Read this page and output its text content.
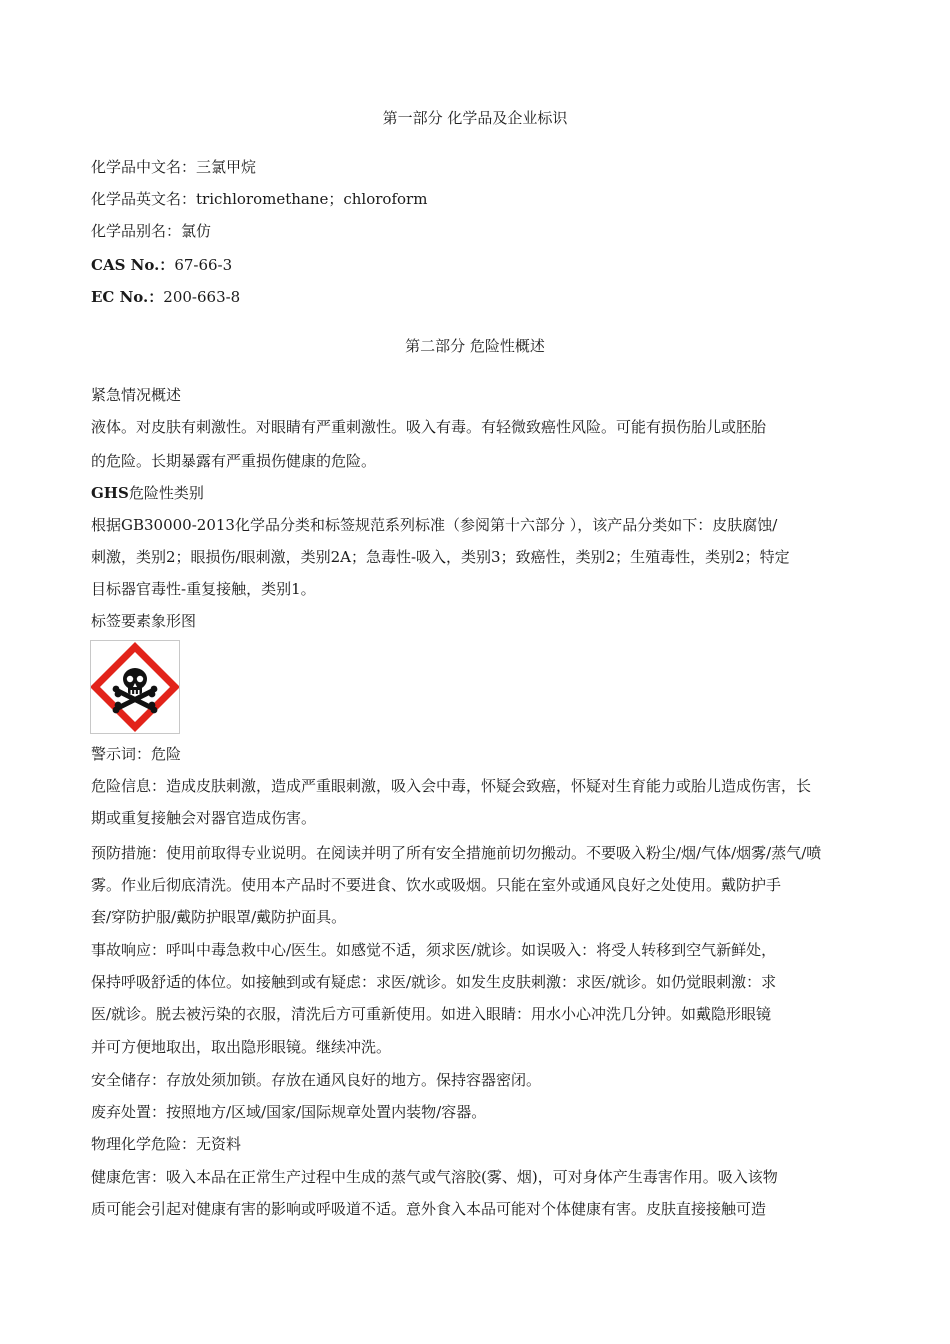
第一部分 化学品及企业标识
化学品中文名：三氯甲烷
化学品英文名：trichloromethane；chloroform
化学品别名：氯仿
CAS No.：67-66-3
EC No.：200-663-8
第二部分 危险性概述
紧急情况概述
液体。对皮肤有刺激性。对眼睛有严重刺激性。吸入有毒。有轻微致癌性风险。可能有损伤胎儿或胚胎
的危险。长期暴露有严重损伤健康的危险。
GHS危险性类别
根据GB30000-2013化学品分类和标签规范系列标准（参阅第十六部分 ），该产品分类如下：皮肤腐蚀/
刺激，类别2；眼损伤/眼刺激，类别2A；急毒性-吸入，类别3；致癌性，类别2；生殖毒性，类别2；特定
目标器官毒性-重复接触，类别1。
标签要素象形图
警示词：危险
危险信息：造成皮肤刺激，造成严重眼刺激，吸入会中毒，怀疑会致癌，怀疑对生育能力或胎儿造成伤害，长
期或重复接触会对器官造成伤害。
预防措施：使用前取得专业说明。在阅读并明了所有安全措施前切勿搬动。不要吸入粉尘/烟/气体/烟雾/蒸气/喷
雾。作业后彻底清洗。使用本产品时不要进食、饮水或吸烟。只能在室外或通风良好之处使用。戴防护手
套/穿防护服/戴防护眼罩/戴防护面具。
事故响应：呼叫中毒急救中心/医生。如感觉不适，须求医/就诊。如误吸入：将受人转移到空气新鲜处，
保持呼吸舒适的体位。如接触到或有疑虑：求医/就诊。如发生皮肤刺激：求医/就诊。如仍觉眼刺激：求
医/就诊。脱去被污染的衣服，清洗后方可重新使用。如进入眼睛：用水小心冲洗几分钟。如戴隐形眼镜
并可方便地取出，取出隐形眼镜。继续冲洗。
安全储存：存放处须加锁。存放在通风良好的地方。保持容器密闭。
废弃处置：按照地方/区域/国家/国际规章处置内装物/容器。
物理化学危险：无资料
健康危害：吸入本品在正常生产过程中生成的蒸气或气溶胶(雾、烟)，可对身体产生毒害作用。吸入该物
质可能会引起对健康有害的影响或呼吸道不适。意外食入本品可能对个体健康有害。皮肤直接接触可造
